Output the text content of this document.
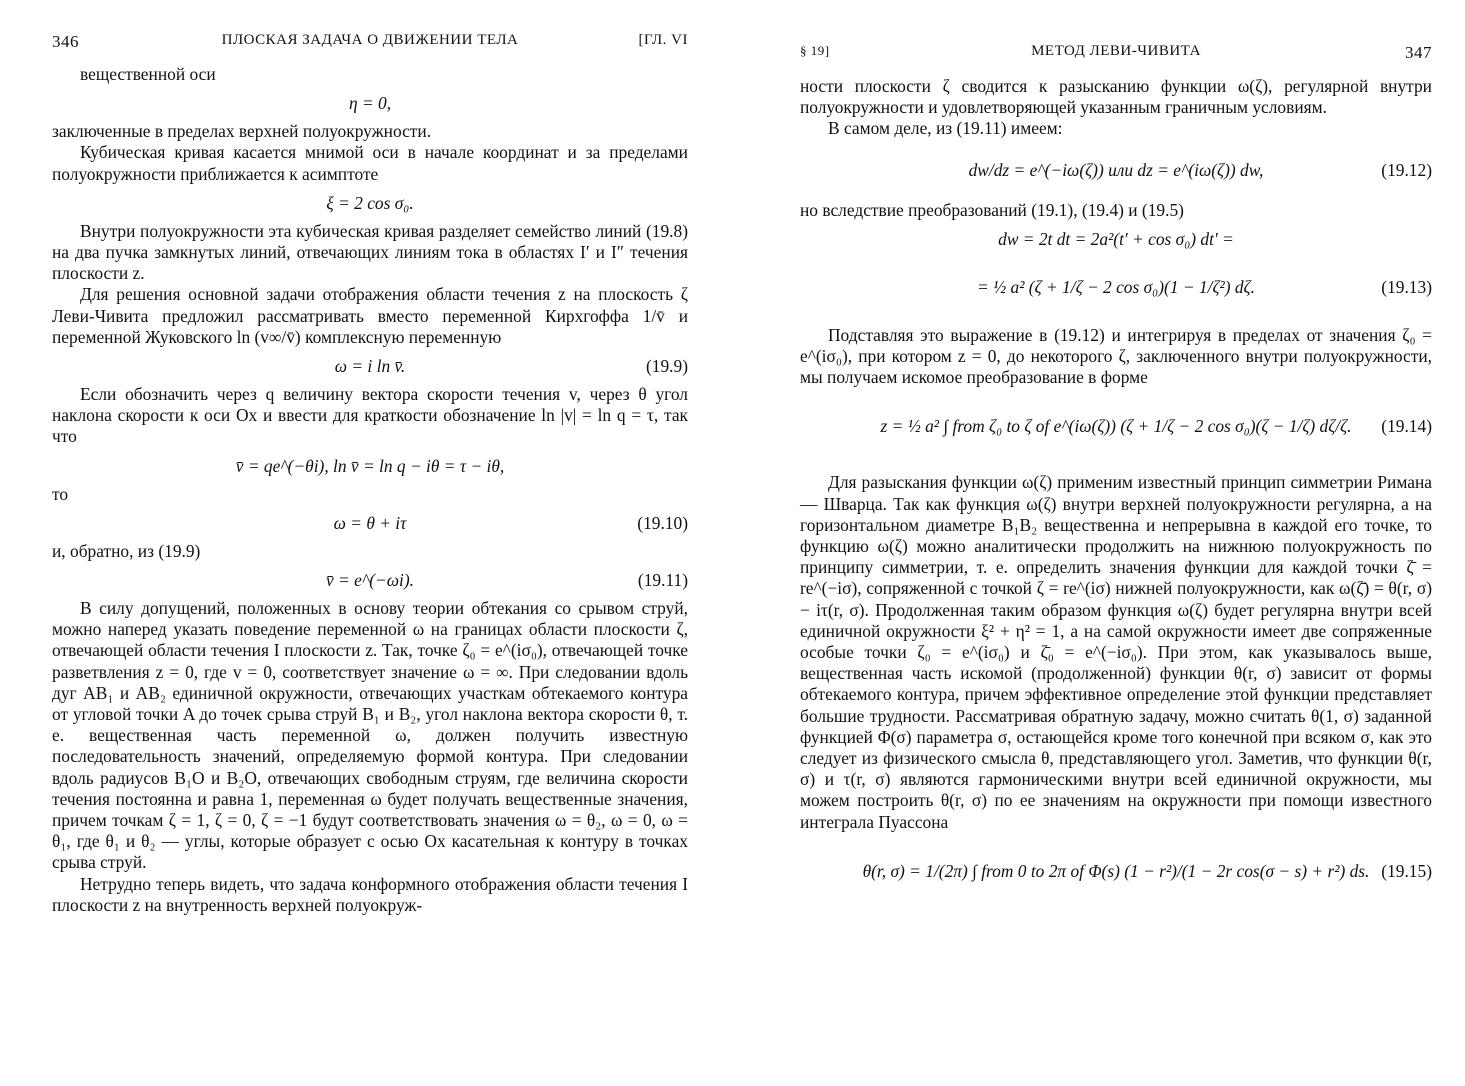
346	ПЛОСКАЯ ЗАДАЧА О ДВИЖЕНИИ ТЕЛА	[ГЛ. VI

вещественной оси

η = 0,

заключенные в пределах верхней полуокружности.

Кубическая кривая касается мнимой оси в начале координат и за пределами полуокружности приближается к асимптоте

ξ = 2 cos σ₀.

Внутри полуокружности эта кубическая кривая разделяет семейство линий (19.8) на два пучка замкнутых линий, отвечающих линиям тока в областях I′ и I″ течения плоскости z.

Для решения основной задачи отображения области течения z на плоскость ζ Леви-Чивита предложил рассматривать вместо переменной Кирхгоффа 1/v̄ и переменной Жуковского ln (v∞/v̄) комплексную переменную

ω = i ln v̄.	(19.9)

Если обозначить через q величину вектора скорости течения v, через θ угол наклона скорости к оси Ox и ввести для краткости обозначение ln |v| = ln q = τ, так что

v̄ = qe^(−θi), ln v̄ = ln q − iθ = τ − iθ,

то

ω = θ + iτ	(19.10)

и, обратно, из (19.9)

v̄ = e^(−ωi).	(19.11)

В силу допущений, положенных в основу теории обтекания со срывом струй, можно наперед указать поведение переменной ω на границах области плоскости ζ, отвечающей области течения I плоскости z. Так, точке ζ₀ = e^(iσ₀), отвечающей точке разветвления z = 0, где v = 0, соответствует значение ω = ∞. При следовании вдоль дуг AB₁ и AB₂ единичной окружности, отвечающих участкам обтекаемого контура от угловой точки A до точек срыва струй B₁ и B₂, угол наклона вектора скорости θ, т. е. вещественная часть переменной ω, должен получить известную последовательность значений, определяемую формой контура. При следовании вдоль радиусов B₁O и B₂O, отвечающих свободным струям, где величина скорости течения постоянна и равна 1, переменная ω будет получать вещественные значения, причем точкам ζ = 1, ζ = 0, ζ = −1 будут соответствовать значения ω = θ₂, ω = 0, ω = θ₁, где θ₁ и θ₂ — углы, которые образует с осью Ox касательная к контуру в точках срыва струй.

Нетрудно теперь видеть, что задача конформного отображения области течения I плоскости z на внутренность верхней полуокруж-

§ 19]	МЕТОД ЛЕВИ-ЧИВИТА	347

ности плоскости ζ сводится к разысканию функции ω(ζ), регулярной внутри полуокружности и удовлетворяющей указанным граничным условиям.

В самом деле, из (19.11) имеем:

dw/dz = e^(−iω(ζ)) или dz = e^(iω(ζ)) dw,	(19.12)

но вследствие преобразований (19.1), (19.4) и (19.5)

dw = 2t dt = 2a²(t′ + cos σ₀) dt′ =
= ½ a² (ζ + 1/ζ − 2 cos σ₀)(1 − 1/ζ²) dζ.	(19.13)

Подставляя это выражение в (19.12) и интегрируя в пределах от значения ζ₀ = e^(iσ₀), при котором z = 0, до некоторого ζ, заключенного внутри полуокружности, мы получаем искомое преобразование в форме

z = ½ a² ∫ from ζ₀ to ζ of e^(iω(ζ)) (ζ + 1/ζ − 2 cos σ₀)(ζ − 1/ζ) dζ/ζ. (19.14)

Для разыскания функции ω(ζ) применим известный принцип симметрии Римана — Шварца. Так как функция ω(ζ) внутри верхней полуокружности регулярна, а на горизонтальном диаметре B₁B₂ вещественна и непрерывна в каждой его точке, то функцию ω(ζ) можно аналитически продолжить на нижнюю полуокружность по принципу симметрии, т. е. определить значения функции для каждой точки ζ̄ = re^(−iσ), сопряженной с точкой ζ = re^(iσ) нижней полуокружности, как ω(ζ̄) = θ(r, σ) − iτ(r, σ). Продолженная таким образом функция ω(ζ) будет регулярна внутри всей единичной окружности ξ² + η² = 1, а на самой окружности имеет две сопряженные особые точки ζ₀ = e^(iσ₀) и ζ̄₀ = e^(−iσ₀). При этом, как указывалось выше, вещественная часть искомой (продолженной) функции θ(r, σ) зависит от формы обтекаемого контура, причем эффективное определение этой функции представляет большие трудности. Рассматривая обратную задачу, можно считать θ(1, σ) заданной функцией Φ(σ) параметра σ, остающейся кроме того конечной при всяком σ, как это следует из физического смысла θ, представляющего угол. Заметив, что функции θ(r, σ) и τ(r, σ) являются гармоническими внутри всей единичной окружности, мы можем построить θ(r, σ) по ее значениям на окружности при помощи известного интеграла Пуассона

θ(r, σ) = 1/(2π) ∫ from 0 to 2π of Φ(s) (1 − r²)/(1 − 2r cos(σ − s) + r²) ds. (19.15)
